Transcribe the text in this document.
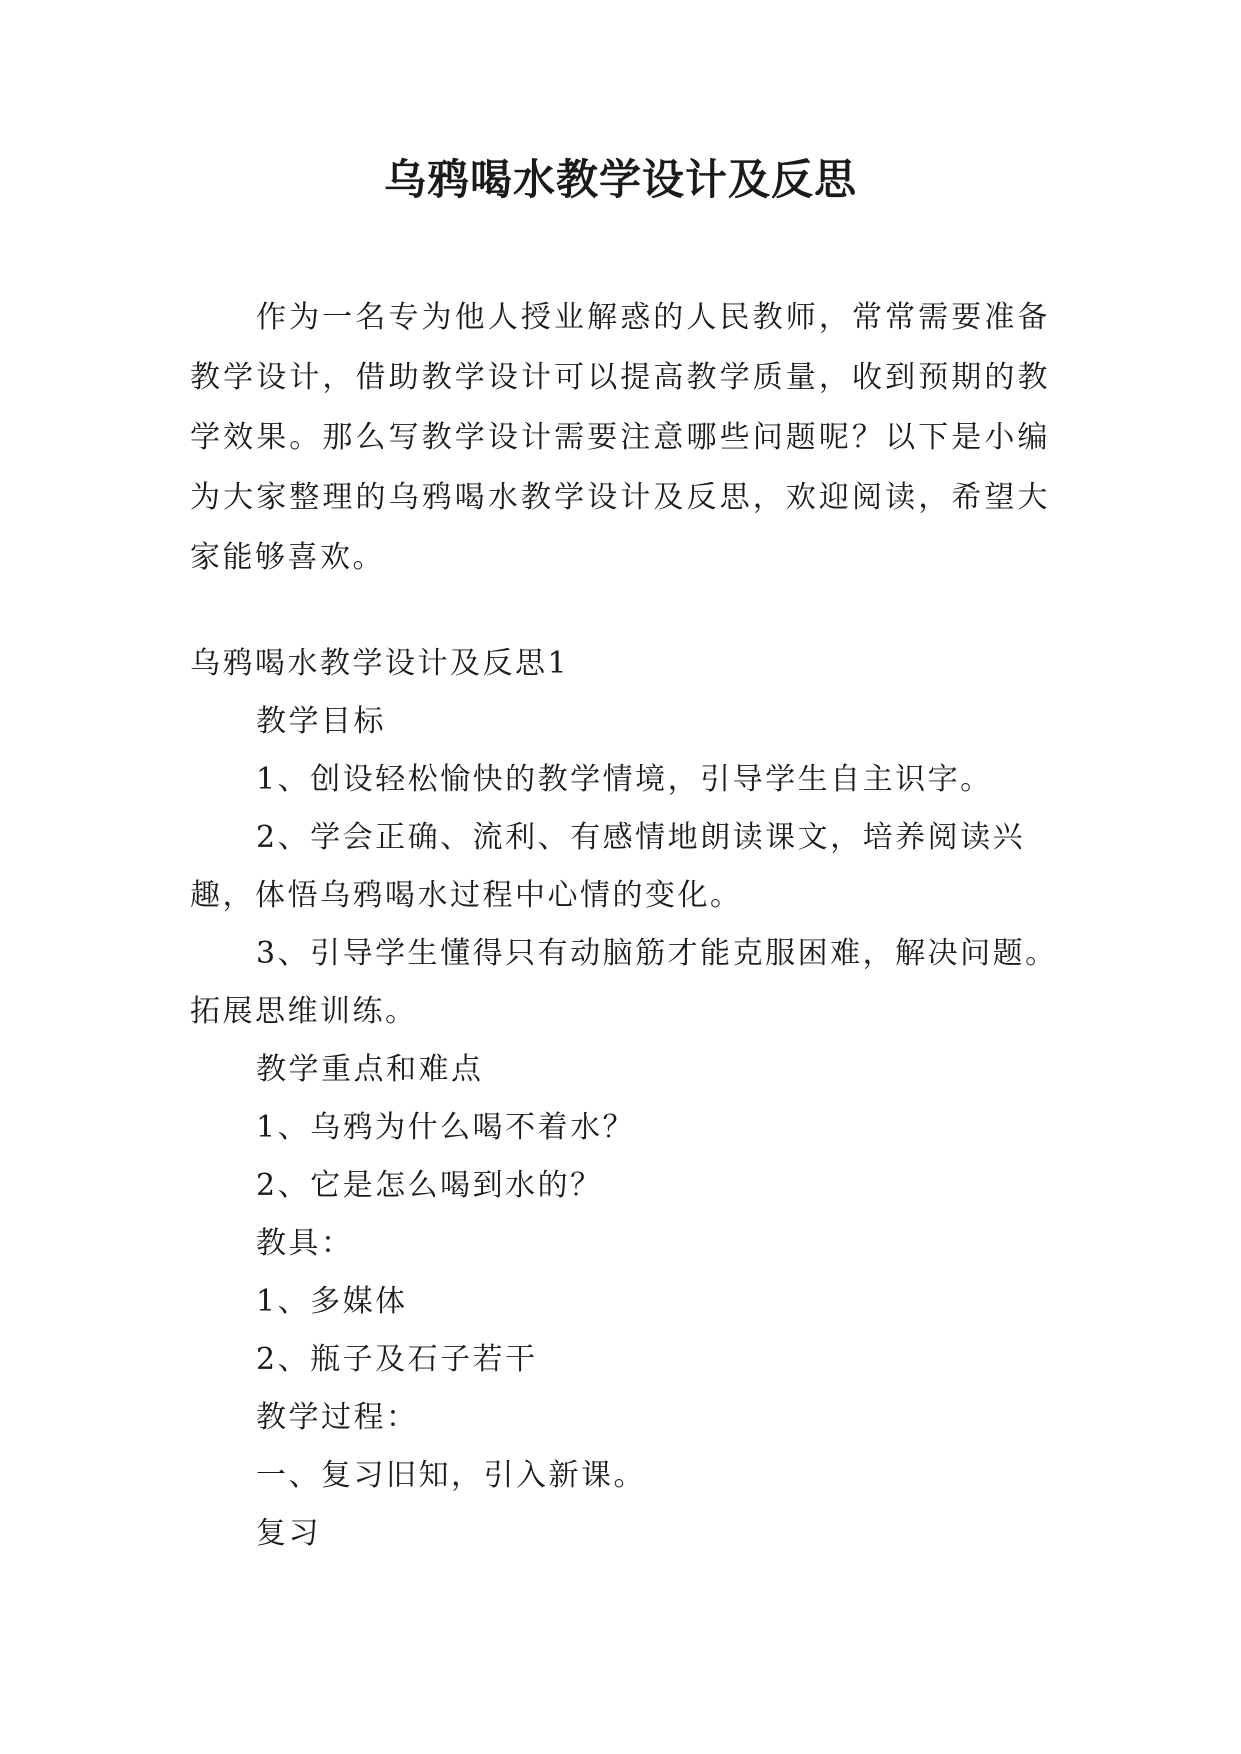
乌鸦喝水教学设计及反思

作为一名专为他人授业解惑的人民教师，常常需要准备教学设计，借助教学设计可以提高教学质量，收到预期的教学效果。那么写教学设计需要注意哪些问题呢？以下是小编为大家整理的乌鸦喝水教学设计及反思，欢迎阅读，希望大家能够喜欢。

乌鸦喝水教学设计及反思1

教学目标

1、创设轻松愉快的教学情境，引导学生自主识字。

2、学会正确、流利、有感情地朗读课文，培养阅读兴趣，体悟乌鸦喝水过程中心情的变化。

3、引导学生懂得只有动脑筋才能克服困难，解决问题。拓展思维训练。

教学重点和难点

1、乌鸦为什么喝不着水？

2、它是怎么喝到水的？

教具：

1、多媒体

2、瓶子及石子若干

教学过程：

一、复习旧知，引入新课。

复习
